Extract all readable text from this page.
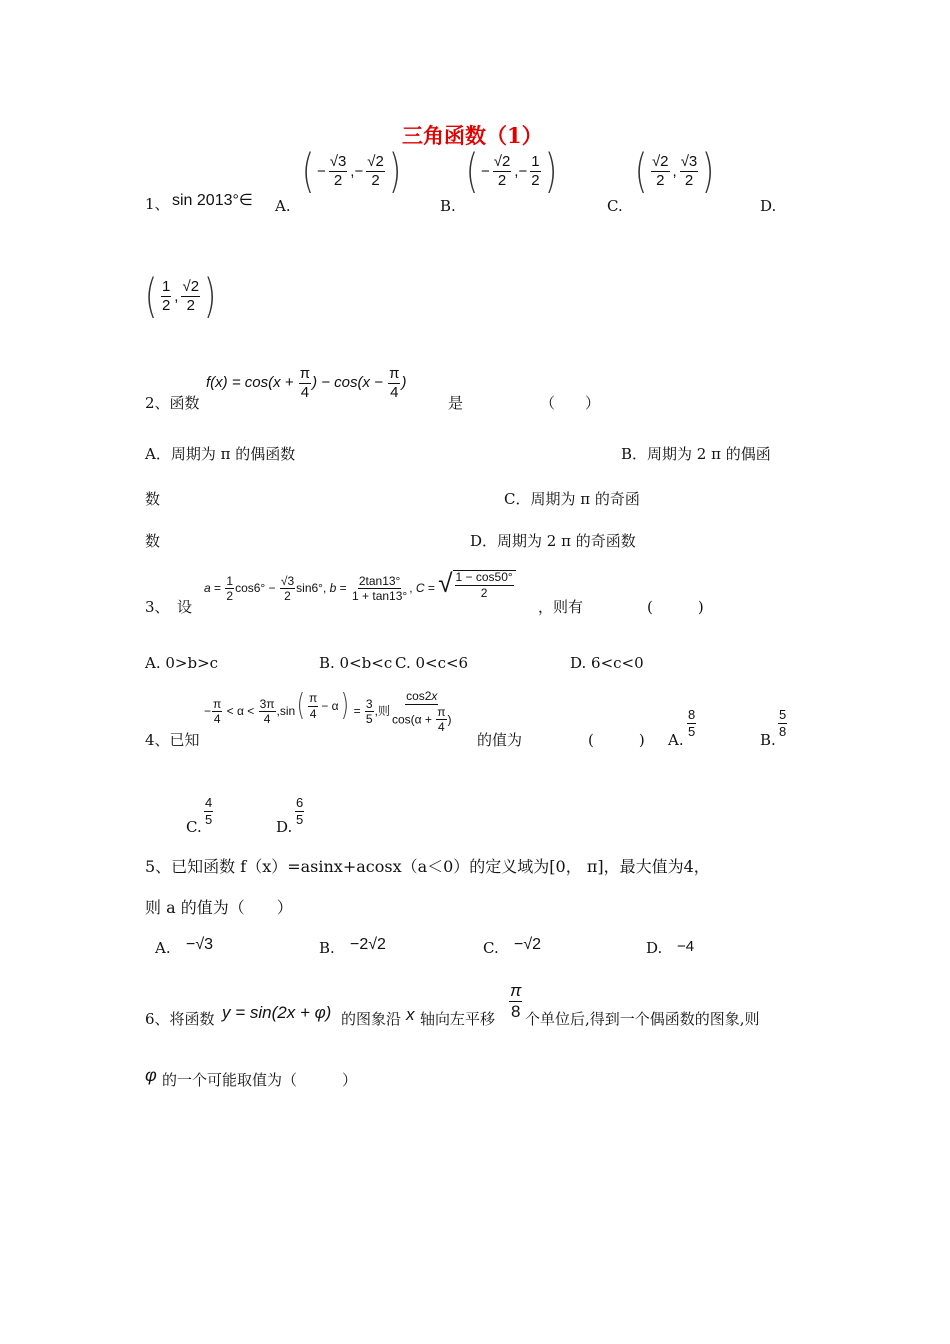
三角函数（1）
1、 sin 2013°∈ A.
( − $\frac{√3}{2}$ ,− $\frac{√2}{2}$ )
B.
( − $\frac{√2}{2}$ ,− $\frac{1}{2}$ )
C.
( $\frac{√2}{2}$ , $\frac{√3}{2}$ )
D.
( $\frac{1}{2}$ , $\frac{√2}{2}$ )
2、函数
$f(x) = \cos(x + \frac{\pi}{4}$ ) − $\cos(x - \frac{\pi}{4}$ )
是	（　　）
A．周期为 π 的偶函数	B．周期为 2 π 的偶函
数	C．周期为 π 的奇函
数	D．周期为 2 π 的奇函数
3、　设
$a = \frac{1}{2} \cos 6^\circ - \frac{√3}{2} \sin 6^\circ$, $b = \frac{2\tan 13^\circ}{1 + \tan 13^\circ}$ , C = √ $\frac{1 - \cos 50^\circ}{2}$
，则有	(　　　)
A. 0>b>c	B. 0<b<c C. 0<c<6	D. 6<c<0
4、已知
− $\frac{\pi}{4} < \alpha < \frac{3\pi}{4} ,\sin$ ( $\frac{\pi}{4} - \alpha$ ) = $\frac{3}{5}$ ,则 $\frac{\cos 2x}{\cos(\alpha + \frac{\pi}{4} )}$
的值为	(　　　) A.
$\frac{8}{5}$
B.
$\frac{5}{8}$
C.
$\frac{4}{5}$
D.
$\frac{6}{5}$
5、已知函数 f（x）=asinx+acosx（a＜0）的定义域为[0， π]，最大值为4，
则 a 的值为（　　）
A. −√3	B. −2√2	C. −√2	D. −4
6、将函数 y = sin(2x + φ) 的图象沿 x 轴向左平移 $\frac{\pi}{8}$ 个单位后,得到一个偶函数的图象,则
φ 的一个可能取值为（　　　）
